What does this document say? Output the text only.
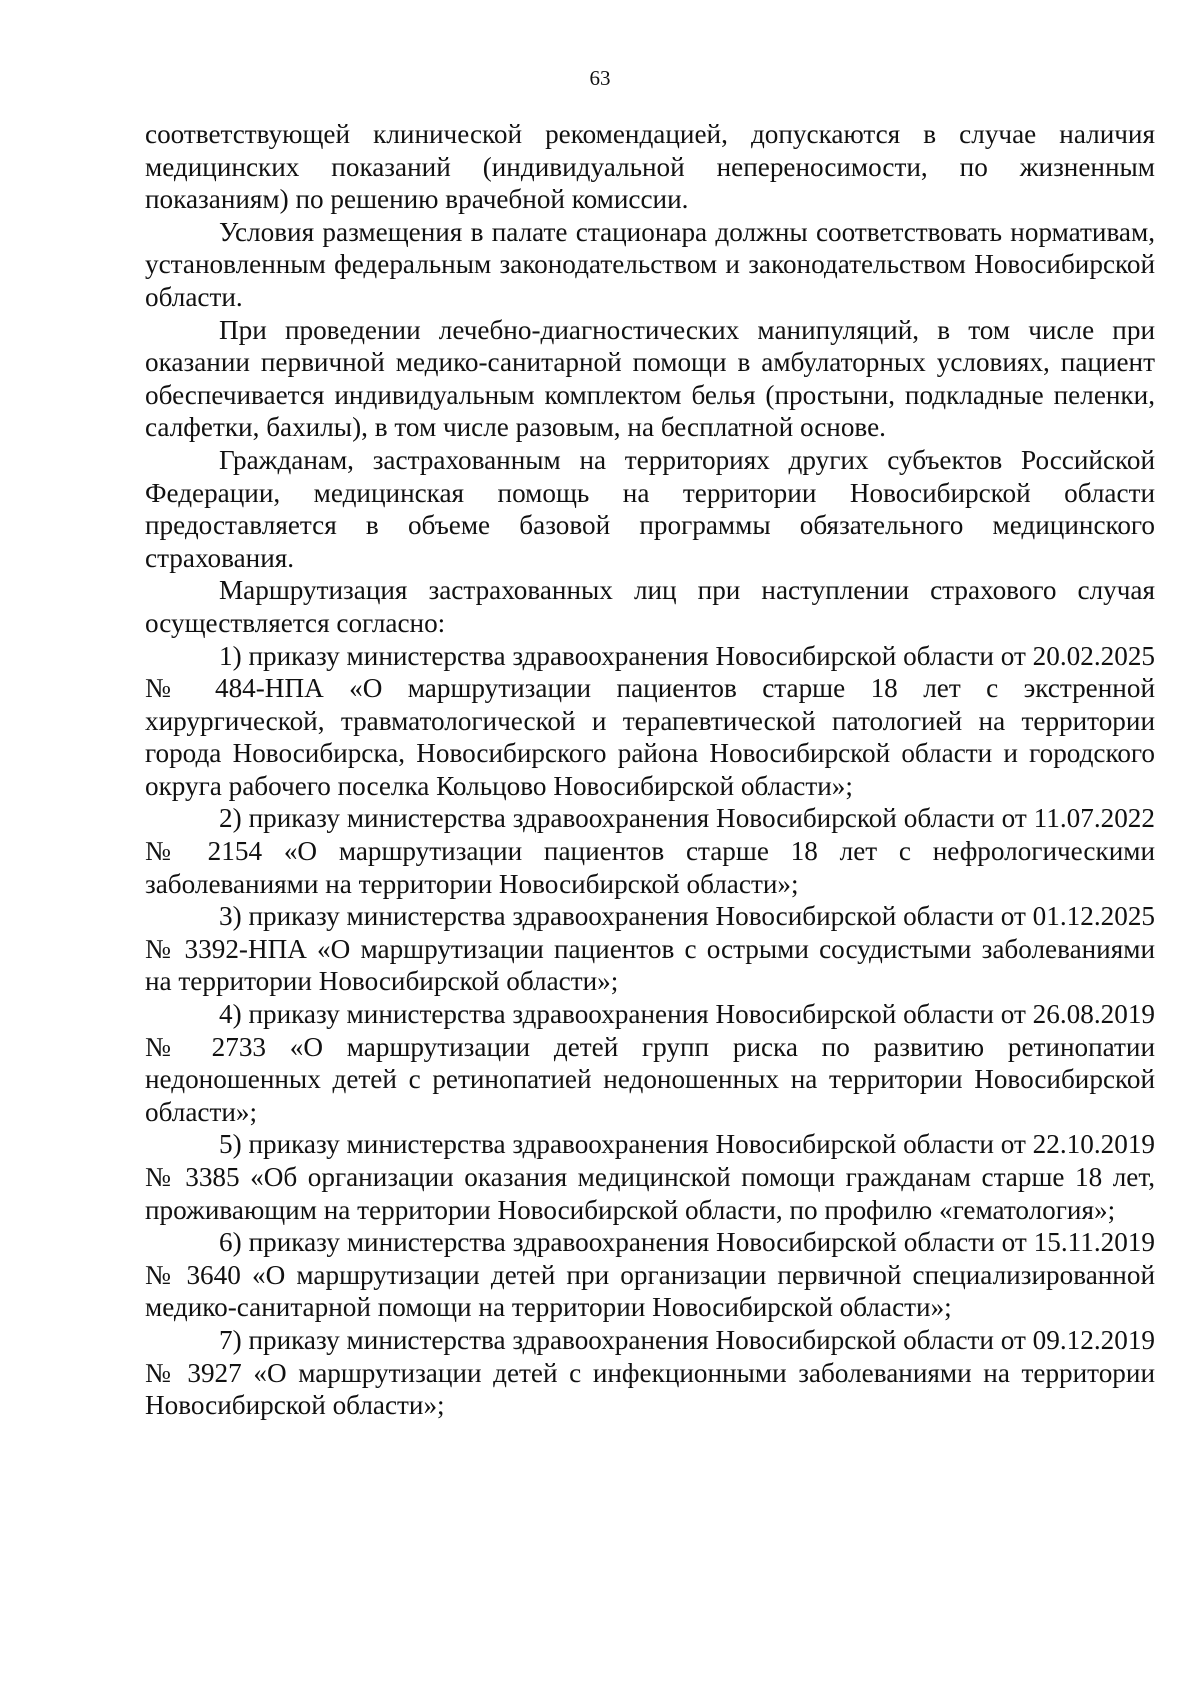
63

соответствующей клинической рекомендацией, допускаются в случае наличия медицинских показаний (индивидуальной непереносимости, по жизненным показаниям) по решению врачебной комиссии.

Условия размещения в палате стационара должны соответствовать нормативам, установленным федеральным законодательством и законодательством Новосибирской области.

При проведении лечебно-диагностических манипуляций, в том числе при оказании первичной медико-санитарной помощи в амбулаторных условиях, пациент обеспечивается индивидуальным комплектом белья (простыни, подкладные пеленки, салфетки, бахилы), в том числе разовым, на бесплатной основе.

Гражданам, застрахованным на территориях других субъектов Российской Федерации, медицинская помощь на территории Новосибирской области предоставляется в объеме базовой программы обязательного медицинского страхования.

Маршрутизация застрахованных лиц при наступлении страхового случая осуществляется согласно:

1) приказу министерства здравоохранения Новосибирской области от 20.02.2025 № 484-НПА «О маршрутизации пациентов старше 18 лет с экстренной хирургической, травматологической и терапевтической патологией на территории города Новосибирска, Новосибирского района Новосибирской области и городского округа рабочего поселка Кольцово Новосибирской области»;

2) приказу министерства здравоохранения Новосибирской области от 11.07.2022 № 2154 «О маршрутизации пациентов старше 18 лет с нефрологическими заболеваниями на территории Новосибирской области»;

3) приказу министерства здравоохранения Новосибирской области от 01.12.2025 № 3392-НПА «О маршрутизации пациентов с острыми сосудистыми заболеваниями на территории Новосибирской области»;

4) приказу министерства здравоохранения Новосибирской области от 26.08.2019 № 2733 «О маршрутизации детей групп риска по развитию ретинопатии недоношенных детей с ретинопатией недоношенных на территории Новосибирской области»;

5) приказу министерства здравоохранения Новосибирской области от 22.10.2019 № 3385 «Об организации оказания медицинской помощи гражданам старше 18 лет, проживающим на территории Новосибирской области, по профилю «гематология»;

6) приказу министерства здравоохранения Новосибирской области от 15.11.2019 № 3640 «О маршрутизации детей при организации первичной специализированной медико-санитарной помощи на территории Новосибирской области»;

7) приказу министерства здравоохранения Новосибирской области от 09.12.2019 № 3927 «О маршрутизации детей с инфекционными заболеваниями на территории Новосибирской области»;
